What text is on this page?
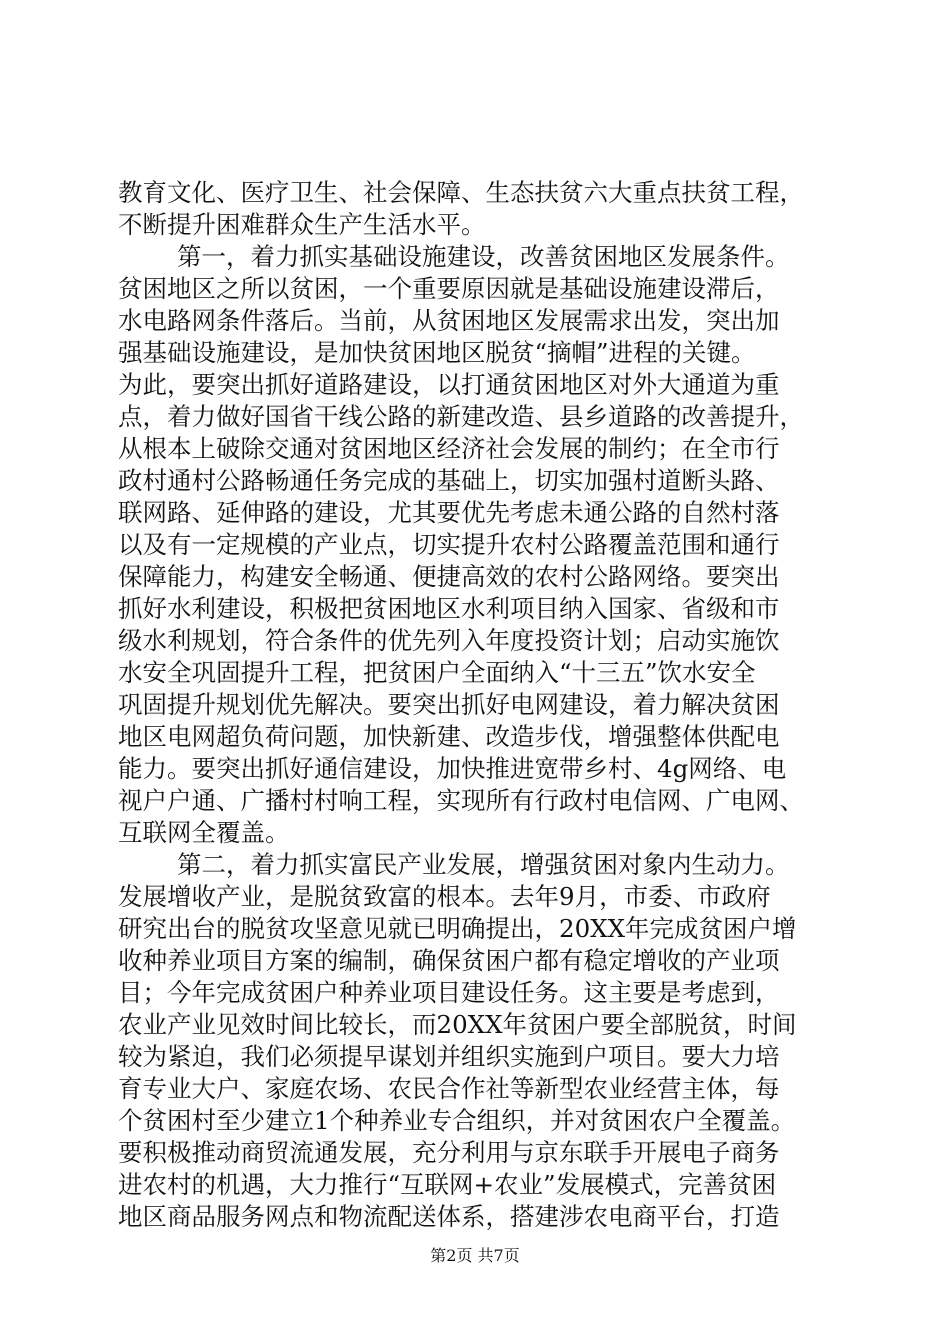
教育文化、医疗卫生、社会保障、生态扶贫六大重点扶贫工程，
不断提升困难群众生产生活水平。
第一，着力抓实基础设施建设，改善贫困地区发展条件。
贫困地区之所以贫困，一个重要原因就是基础设施建设滞后，
水电路网条件落后。当前，从贫困地区发展需求出发，突出加
强基础设施建设，是加快贫困地区脱贫“摘帽”进程的关键。
为此，要突出抓好道路建设，以打通贫困地区对外大通道为重
点，着力做好国省干线公路的新建改造、县乡道路的改善提升，
从根本上破除交通对贫困地区经济社会发展的制约；在全市行
政村通村公路畅通任务完成的基础上，切实加强村道断头路、
联网路、延伸路的建设，尤其要优先考虑未通公路的自然村落
以及有一定规模的产业点，切实提升农村公路覆盖范围和通行
保障能力，构建安全畅通、便捷高效的农村公路网络。要突出
抓好水利建设，积极把贫困地区水利项目纳入国家、省级和市
级水利规划，符合条件的优先列入年度投资计划；启动实施饮
水安全巩固提升工程，把贫困户全面纳入“十三五”饮水安全
巩固提升规划优先解决。要突出抓好电网建设，着力解决贫困
地区电网超负荷问题，加快新建、改造步伐，增强整体供配电
能力。要突出抓好通信建设，加快推进宽带乡村、4g网络、电
视户户通、广播村村响工程，实现所有行政村电信网、广电网、
互联网全覆盖。
第二，着力抓实富民产业发展，增强贫困对象内生动力。
发展增收产业，是脱贫致富的根本。去年9月，市委、市政府
研究出台的脱贫攻坚意见就已明确提出，20XX年完成贫困户增
收种养业项目方案的编制，确保贫困户都有稳定增收的产业项
目；今年完成贫困户种养业项目建设任务。这主要是考虑到，
农业产业见效时间比较长，而20XX年贫困户要全部脱贫，时间
较为紧迫，我们必须提早谋划并组织实施到户项目。要大力培
育专业大户、家庭农场、农民合作社等新型农业经营主体，每
个贫困村至少建立1个种养业专合组织，并对贫困农户全覆盖。
要积极推动商贸流通发展，充分利用与京东联手开展电子商务
进农村的机遇，大力推行“互联网+农业”发展模式，完善贫困
地区商品服务网点和物流配送体系，搭建涉农电商平台，打造
第2页 共7页
